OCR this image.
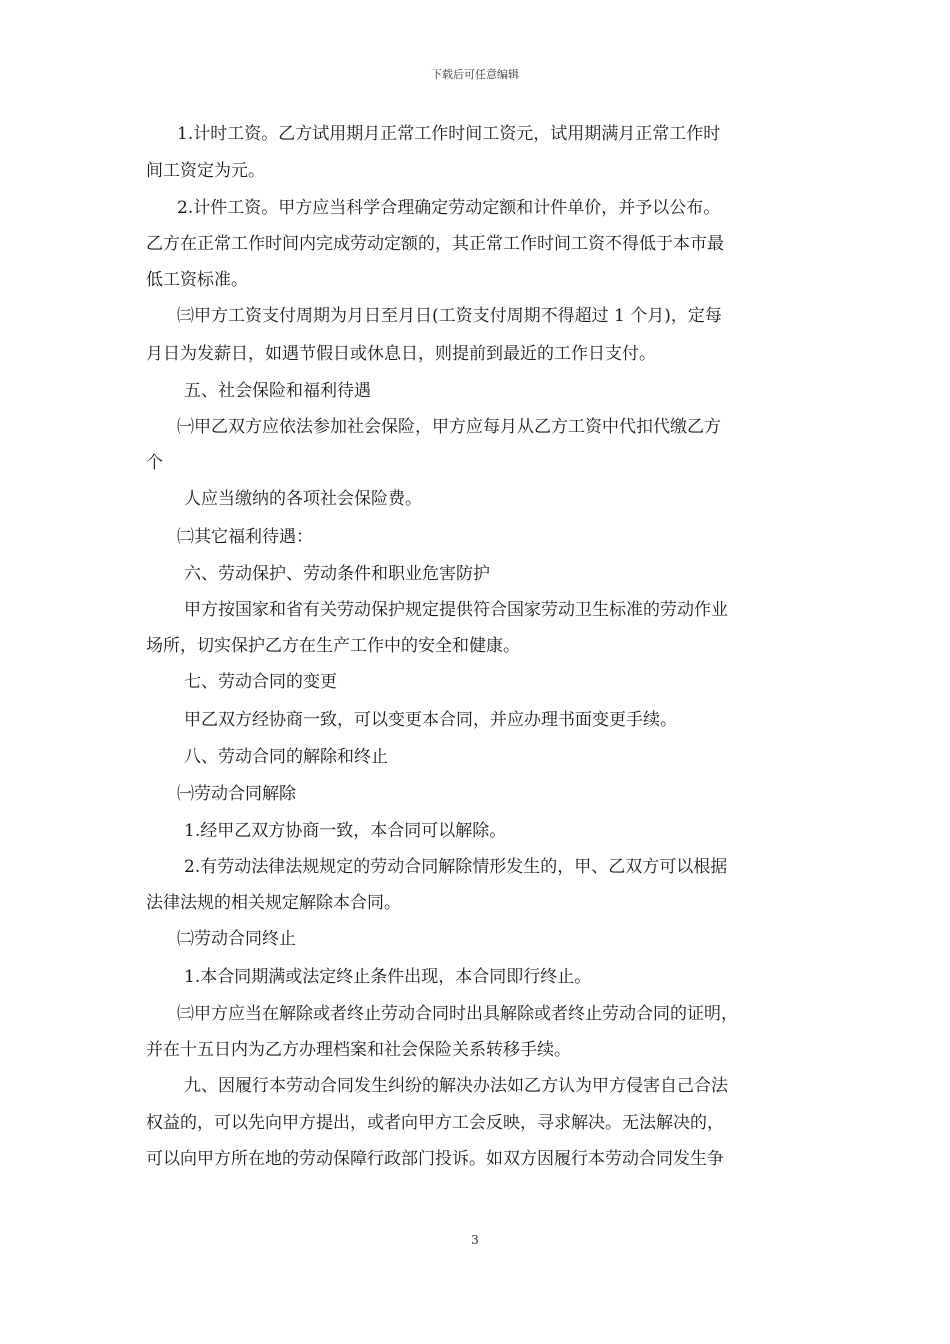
下载后可任意编辑
1.计时工资。乙方试用期月正常工作时间工资元，试用期满月正常工作时
间工资定为元。
2.计件工资。甲方应当科学合理确定劳动定额和计件单价，并予以公布。
乙方在正常工作时间内完成劳动定额的，其正常工作时间工资不得低于本市最
低工资标准。
㈢甲方工资支付周期为月日至月日(工资支付周期不得超过 1 个月)，定每
月日为发薪日，如遇节假日或休息日，则提前到最近的工作日支付。
五、社会保险和福利待遇
㈠甲乙双方应依法参加社会保险，甲方应每月从乙方工资中代扣代缴乙方
个
人应当缴纳的各项社会保险费。
㈡其它福利待遇：
六、劳动保护、劳动条件和职业危害防护
甲方按国家和省有关劳动保护规定提供符合国家劳动卫生标准的劳动作业
场所，切实保护乙方在生产工作中的安全和健康。
七、劳动合同的变更
甲乙双方经协商一致，可以变更本合同，并应办理书面变更手续。
八、劳动合同的解除和终止
㈠劳动合同解除
1.经甲乙双方协商一致，本合同可以解除。
2.有劳动法律法规规定的劳动合同解除情形发生的，甲、乙双方可以根据
法律法规的相关规定解除本合同。
㈡劳动合同终止
1.本合同期满或法定终止条件出现，本合同即行终止。
㈢甲方应当在解除或者终止劳动合同时出具解除或者终止劳动合同的证明，
并在十五日内为乙方办理档案和社会保险关系转移手续。
九、因履行本劳动合同发生纠纷的解决办法如乙方认为甲方侵害自己合法
权益的，可以先向甲方提出，或者向甲方工会反映，寻求解决。无法解决的，
可以向甲方所在地的劳动保障行政部门投诉。如双方因履行本劳动合同发生争
3
